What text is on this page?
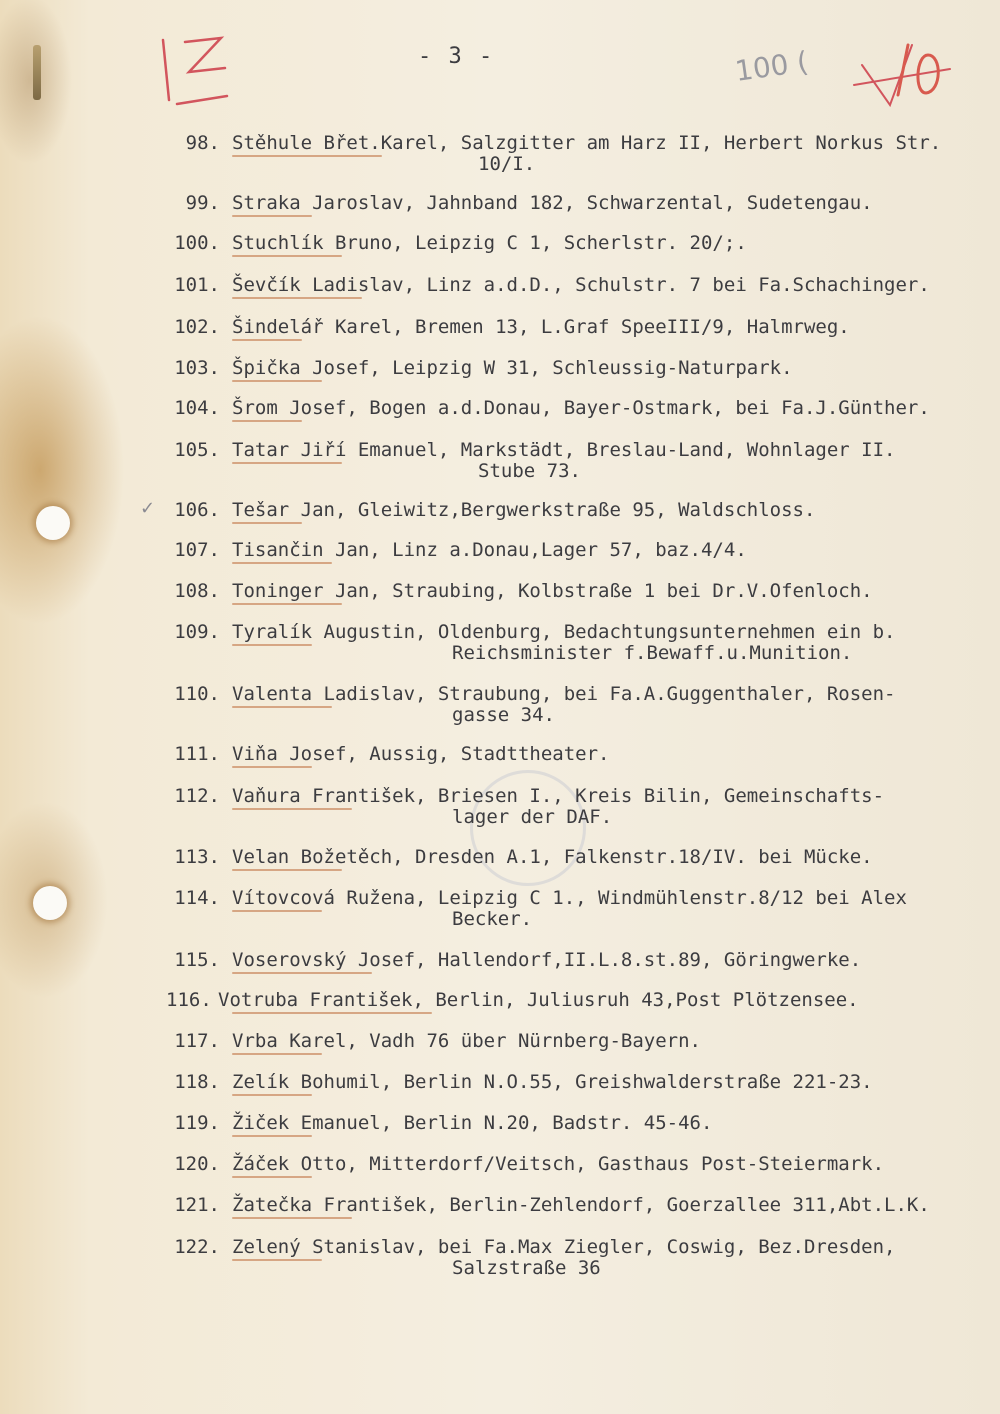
- 3 -	100 (
✓
98. Stěhule Břet.Karel, Salzgitter am Harz II, Herbert Norkus Str.
10/I.
99. Straka Jaroslav, Jahnband 182, Schwarzental, Sudetengau.
100. Stuchlík Bruno, Leipzig C 1, Scherlstr. 20/;.
101. Ševčík Ladislav, Linz a.d.D., Schulstr. 7 bei Fa.Schachinger.
102. Šindelář Karel, Bremen 13, L.Graf SpeeIII/9, Halmrweg.
103. Špička Josef, Leipzig W 31, Schleussig-Naturpark.
104. Šrom Josef, Bogen a.d.Donau, Bayer-Ostmark, bei Fa.J.Günther.
105. Tatar Jiří Emanuel, Markstädt, Breslau-Land, Wohnlager II.
Stube 73.
106. Tešar Jan, Gleiwitz,Bergwerkstraße 95, Waldschloss.
107. Tisančin Jan, Linz a.Donau,Lager 57, baz.4/4.
108. Toninger Jan, Straubing, Kolbstraße 1 bei Dr.V.Ofenloch.
109. Tyralík Augustin, Oldenburg, Bedachtungsunternehmen ein b.
Reichsminister f.Bewaff.u.Munition.
110. Valenta Ladislav, Straubung, bei Fa.A.Guggenthaler, Rosen-
gasse 34.
111. Viňa Josef, Aussig, Stadttheater.
112. Vaňura František, Briesen I., Kreis Bilin, Gemeinschafts-
lager der DAF.
113. Velan Božetěch, Dresden A.1, Falkenstr.18/IV. bei Mücke.
114. Vítovcová Ružena, Leipzig C 1., Windmühlenstr.8/12 bei Alex
Becker.
115. Voserovský Josef, Hallendorf,II.L.8.st.89, Göringwerke.
116. Votruba František, Berlin, Juliusruh 43,Post Plötzensee.
117. Vrba Karel, Vadh 76 über Nürnberg-Bayern.
118. Zelík Bohumil, Berlin N.O.55, Greishwalderstraße 221-23.
119. Žiček Emanuel, Berlin N.20, Badstr. 45-46.
120. Žáček Otto, Mitterdorf/Veitsch, Gasthaus Post-Steiermark.
121. Žatečka František, Berlin-Zehlendorf, Goerzallee 311,Abt.L.K.
122. Zelený Stanislav, bei Fa.Max Ziegler, Coswig, Bez.Dresden,
Salzstraße 36
